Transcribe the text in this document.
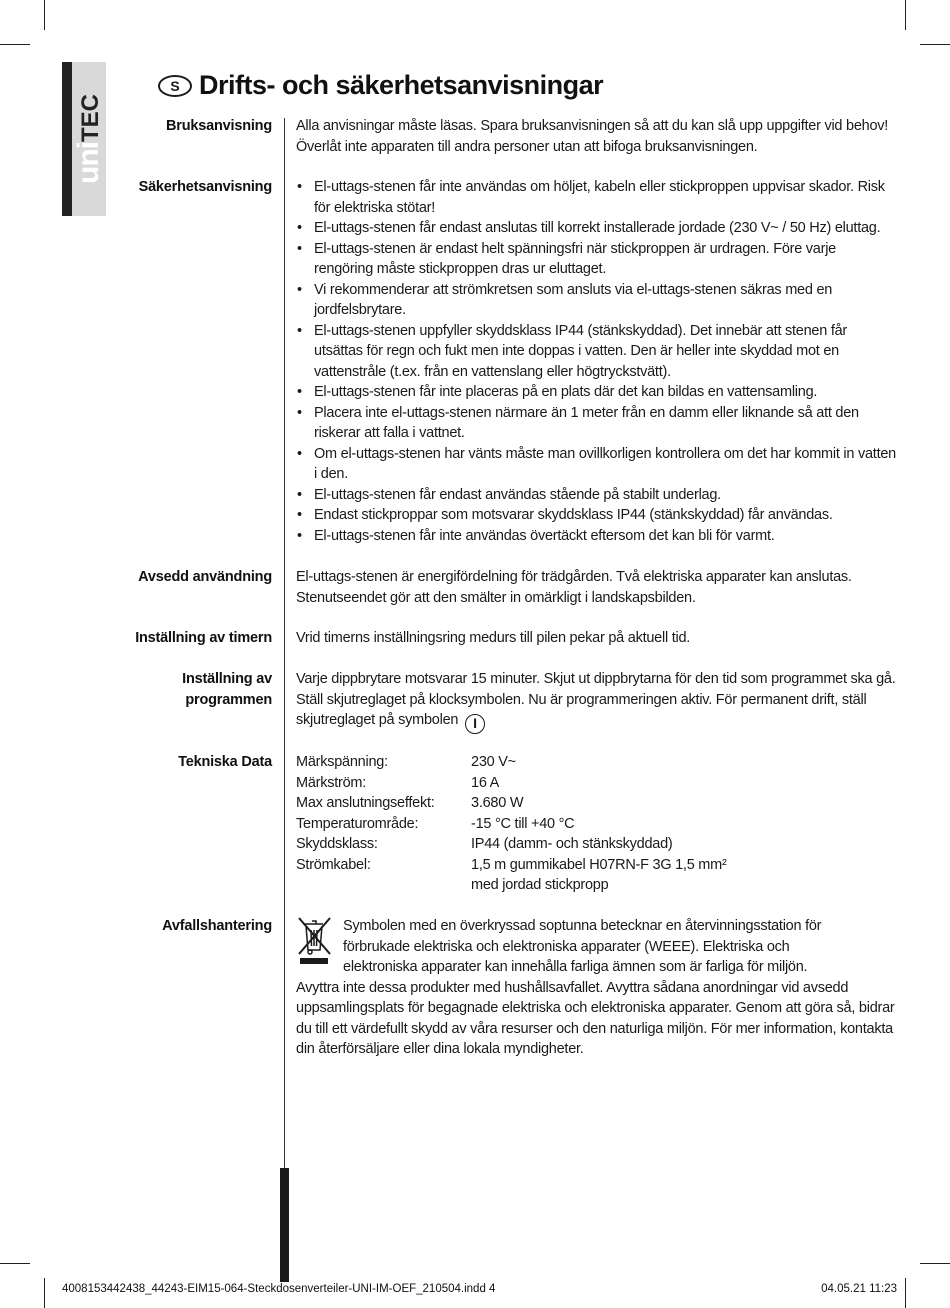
uniTEC
S Drifts- och säkerhetsanvisningar
Bruksanvisning Alla anvisningar måste läsas. Spara bruksanvisningen så att du kan slå upp uppgifter vid behov! Överlåt inte apparaten till andra personer utan att bifoga bruksanvisningen.
Säkerhetsanvisning
•	El-uttags-stenen får inte användas om höljet, kabeln eller stickproppen uppvisar skador. Risk för elektriska stötar!
• El-uttags-stenen får endast anslutas till korrekt installerade jordade (230 V~ / 50 Hz) eluttag.
• El-uttags-stenen är endast helt spänningsfri när stickproppen är urdragen. Före varje rengöring måste stickproppen dras ur eluttaget.
• Vi rekommenderar att strömkretsen som ansluts via el-uttags-stenen säkras med en jordfelsbrytare.
• El-uttags-stenen uppfyller skyddsklass IP44 (stänkskyddad). Det innebär att stenen får utsättas för regn och fukt men inte doppas i vatten. Den är heller inte skyddad mot en vattenstråle (t.ex. från en vattenslang eller högtryckstvätt).
• El-uttags-stenen får inte placeras på en plats där det kan bildas en vattensamling.
• Placera inte el-uttags-stenen närmare än 1 meter från en damm eller liknande så att den riskerar att falla i vattnet.
• Om el-uttags-stenen har vänts måste man ovillkorligen kontrollera om det har kommit in vatten i den.
• El-uttags-stenen får endast användas stående på stabilt underlag.
• Endast stickproppar som motsvarar skyddsklass IP44 (stänkskyddad) får användas.
• El-uttags-stenen får inte användas övertäckt eftersom det kan bli för varmt.
Avsedd användning El-uttags-stenen är energifördelning för trädgården. Två elektriska apparater kan anslutas. Stenutseendet gör att den smälter in omärkligt i landskapsbilden.
Inställning av timern Vrid timerns inställningsring medurs till pilen pekar på aktuell tid.
Inställning av programmen
Varje dippbrytare motsvarar 15 minuter. Skjut ut dippbrytarna för den tid som programmet ska gå. Ställ skjutreglaget på klocksymbolen. Nu är programmeringen aktiv. För permanent drift, ställ skjutreglaget på symbolen I
Tekniska Data Märkspänning:	230 V~
Märkström:	16 A
Max anslutningseffekt:	3.680 W
Temperaturområde:	-15 °C till +40 °C
Skyddsklass:	IP44 (damm- och stänkskyddad)
Strömkabel:	1,5 m gummikabel H07RN-F 3G 1,5 mm²
med jordad stickpropp
Avfallshantering	Symbolen med en överkryssad soptunna betecknar en återvinningsstation för
förbrukade elektriska och elektroniska apparater (WEEE). Elektriska och
elektroniska apparater kan innehålla farliga ämnen som är farliga för miljön.
Avyttra inte dessa produkter med hushållsavfallet. Avyttra sådana anordningar vid avsedd uppsamlingsplats för begagnade elektriska och elektroniska apparater. Genom att göra så, bidrar du till ett värdefullt skydd av våra resurser och den naturliga miljön. För mer information, kontakta din återförsäljare eller dina lokala myndigheter.
4008153442438_44243-EIM15-064-Steckdosenverteiler-UNI-IM-OEF_210504.indd 4	04.05.21 11:23
